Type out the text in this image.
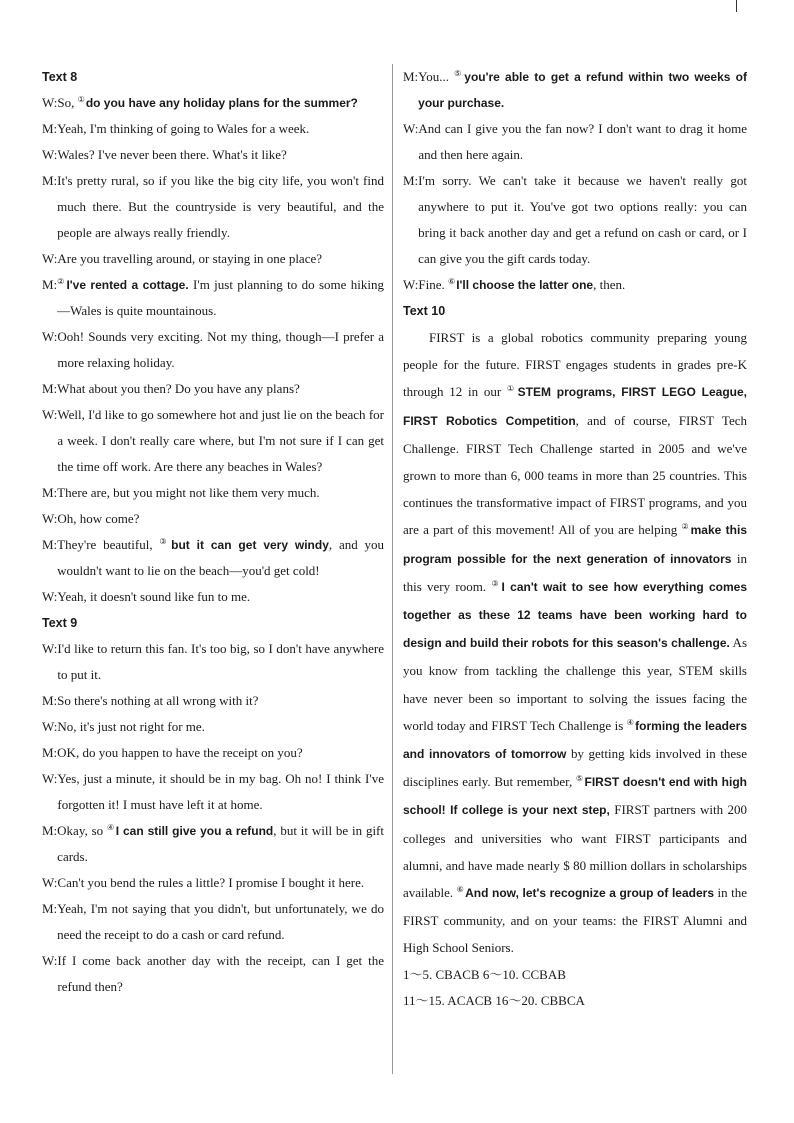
Text 8
W: So, ①do you have any holiday plans for the summer?
M: Yeah, I'm thinking of going to Wales for a week.
W: Wales? I've never been there. What's it like?
M: It's pretty rural, so if you like the big city life, you won't find much there. But the countryside is very beautiful, and the people are always really friendly.
W: Are you travelling around, or staying in one place?
M: ②I've rented a cottage. I'm just planning to do some hiking—Wales is quite mountainous.
W: Ooh! Sounds very exciting. Not my thing, though—I prefer a more relaxing holiday.
M: What about you then? Do you have any plans?
W: Well, I'd like to go somewhere hot and just lie on the beach for a week. I don't really care where, but I'm not sure if I can get the time off work. Are there any beaches in Wales?
M: There are, but you might not like them very much.
W: Oh, how come?
M: They're beautiful, ③but it can get very windy, and you wouldn't want to lie on the beach—you'd get cold!
W: Yeah, it doesn't sound like fun to me.
Text 9
W: I'd like to return this fan. It's too big, so I don't have anywhere to put it.
M: So there's nothing at all wrong with it?
W: No, it's just not right for me.
M: OK, do you happen to have the receipt on you?
W: Yes, just a minute, it should be in my bag. Oh no! I think I've forgotten it! I must have left it at home.
M: Okay, so ④I can still give you a refund, but it will be in gift cards.
W: Can't you bend the rules a little? I promise I bought it here.
M: Yeah, I'm not saying that you didn't, but unfortunately, we do need the receipt to do a cash or card refund.
W: If I come back another day with the receipt, can I get the refund then?
M: You... ⑤you're able to get a refund within two weeks of your purchase.
W: And can I give you the fan now? I don't want to drag it home and then here again.
M: I'm sorry. We can't take it because we haven't really got anywhere to put it. You've got two options really: you can bring it back another day and get a refund on cash or card, or I can give you the gift cards today.
W: Fine. ⑥I'll choose the latter one, then.
Text 10

FIRST is a global robotics community preparing young people for the future. FIRST engages students in grades pre-K through 12 in our ①STEM programs, FIRST LEGO League, FIRST Robotics Competition, and of course, FIRST Tech Challenge. FIRST Tech Challenge started in 2005 and we've grown to more than 6, 000 teams in more than 25 countries. This continues the transformative impact of FIRST programs, and you are a part of this movement! All of you are helping ②make this program possible for the next generation of innovators in this very room. ③I can't wait to see how everything comes together as these 12 teams have been working hard to design and build their robots for this season's challenge. As you know from tackling the challenge this year, STEM skills have never been so important to solving the issues facing the world today and FIRST Tech Challenge is ④forming the leaders and innovators of tomorrow by getting kids involved in these disciplines early. But remember, ⑤FIRST doesn't end with high school! If college is your next step, FIRST partners with 200 colleges and universities who want FIRST participants and alumni, and have made nearly $ 80 million dollars in scholarships available. ⑥And now, let's recognize a group of leaders in the FIRST community, and on your teams: the FIRST Alumni and High School Seniors.

1～5. CBACB 6～10. CCBAB

11～15. ACACB 16～20. CBBCA
